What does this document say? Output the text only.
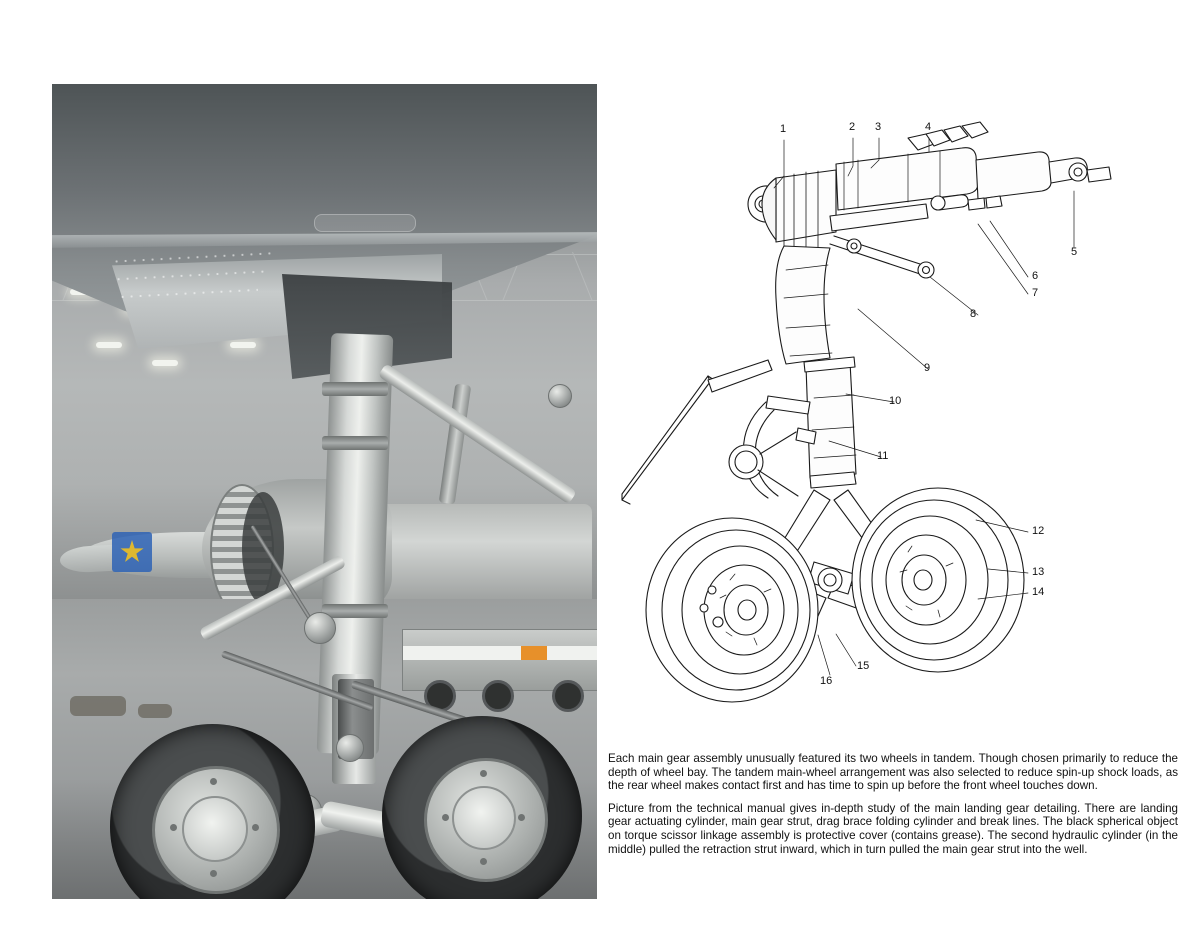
1	2 3	4
5
6
7
8
9
10
11
12
13
14
15
16

Each main gear assembly unusually featured its two wheels in tandem. Though chosen primarily to reduce the depth of wheel bay. The tandem main-wheel arrangement was also selected to reduce spin-up shock loads, as the rear wheel makes contact first and has time to spin up before the front wheel touches down.

Picture from the technical manual gives in-depth study of the main landing gear detailing. There are landing gear actuating cylinder, main gear strut, drag brace folding cylinder and break lines. The black spherical object on torque scissor linkage assembly is protective cover (contains grease). The second hydraulic cylinder (in the middle) pulled the retraction strut inward, which in turn pulled the main gear strut into the well.
